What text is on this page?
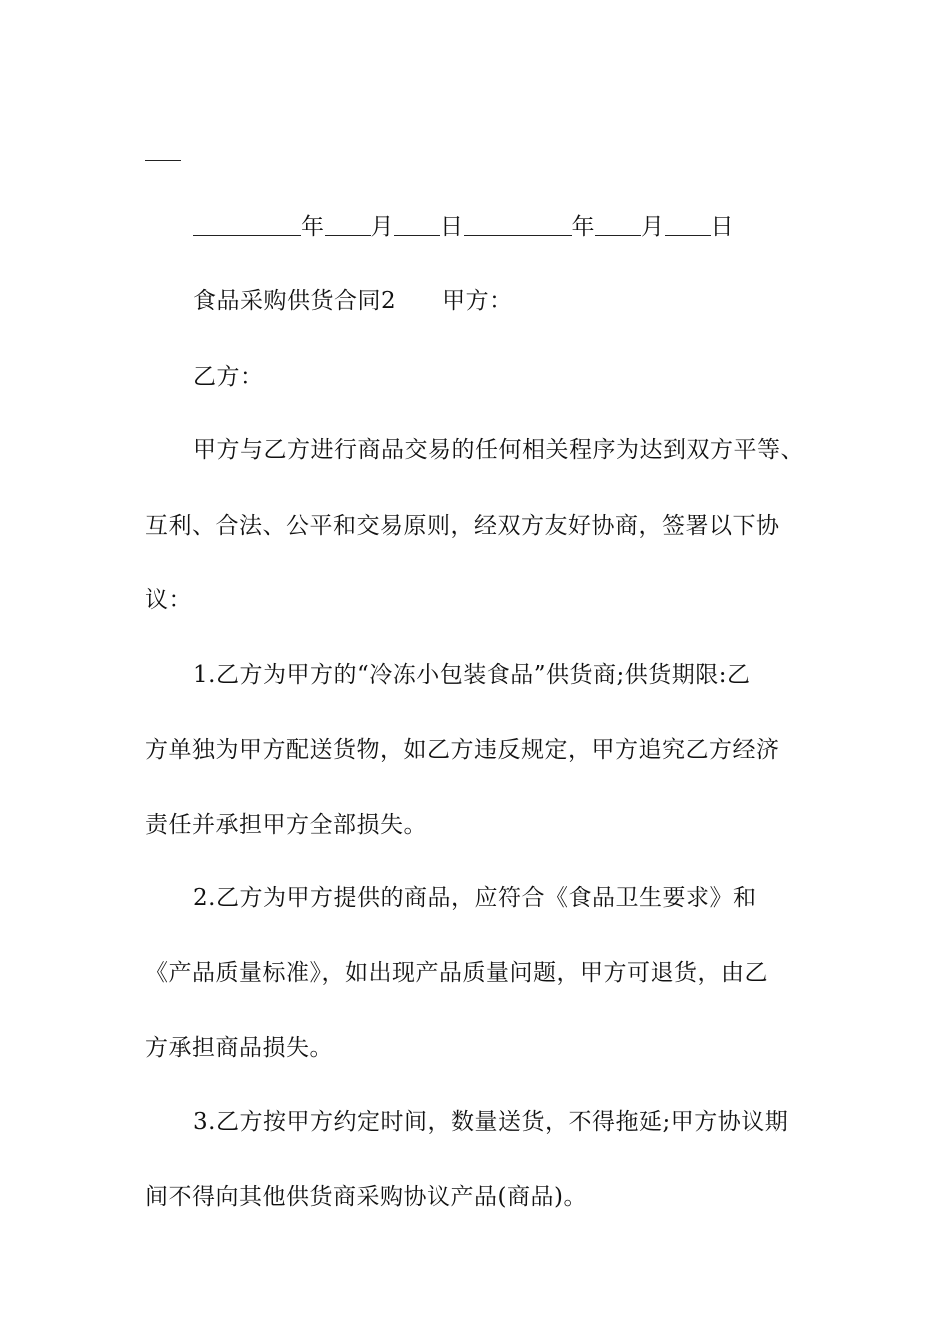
年 月 日	年 月 日
食品采购供货合同2 甲方：
乙方：
甲方与乙方进行商品交易的任何相关程序为达到双方平等、
互利、合法、公平和交易原则，经双方友好协商，签署以下协
议：
1.乙方为甲方的“冷冻小包装食品”供货商;供货期限:乙
方单独为甲方配送货物，如乙方违反规定，甲方追究乙方经济
责任并承担甲方全部损失。
2.乙方为甲方提供的商品，应符合《食品卫生要求》和
《产品质量标准》，如出现产品质量问题，甲方可退货，由乙
方承担商品损失。
3.乙方按甲方约定时间，数量送货，不得拖延;甲方协议期
间不得向其他供货商采购协议产品(商品)。
